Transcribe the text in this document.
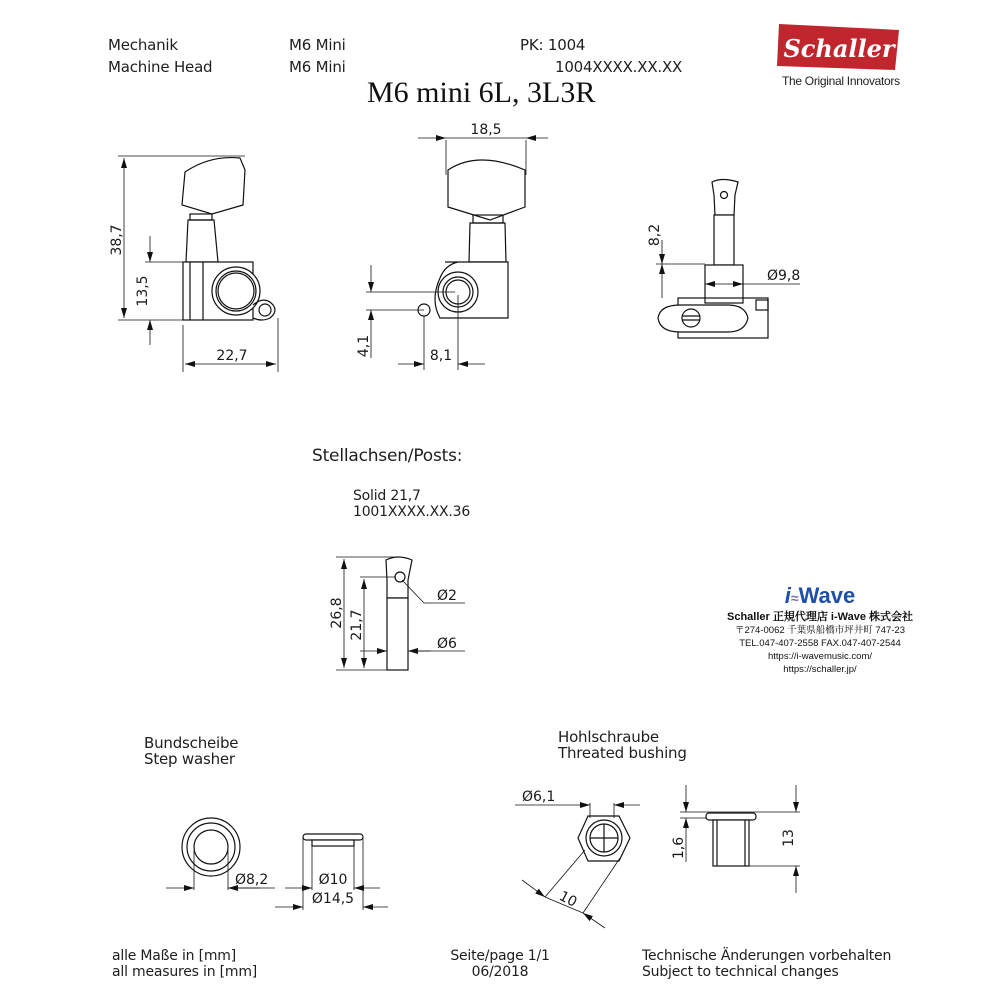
Mechanik
Machine Head
M6 Mini
M6 Mini
PK: 1004
1004XXXX.XX.XX
M6 mini 6L, 3L3R
Schaller
The Original Innovators
38,7
13,5
22,7
18,5
4,1	8,1
8,2
Ø9,8
26,8 21,7
Ø2
Ø6
Ø8,2	Ø10
Ø14,5
Ø6,1
10
1,6	13
Stellachsen/Posts:
Solid 21,7
1001XXXX.XX.36
Bundscheibe
Step washer
Hohlschraube
Threated bushing
i≈Wave
Schaller 正規代理店 i-Wave 株式会社
〒274-0062 千葉県船橋市坪井町 747-23
TEL.047-407-2558 FAX.047-407-2544
https://i-wavemusic.com/
https://schaller.jp/
alle Maße in [mm]
all measures in [mm]
Seite/page 1/1
06/2018
Technische Änderungen vorbehalten
Subject to technical changes
